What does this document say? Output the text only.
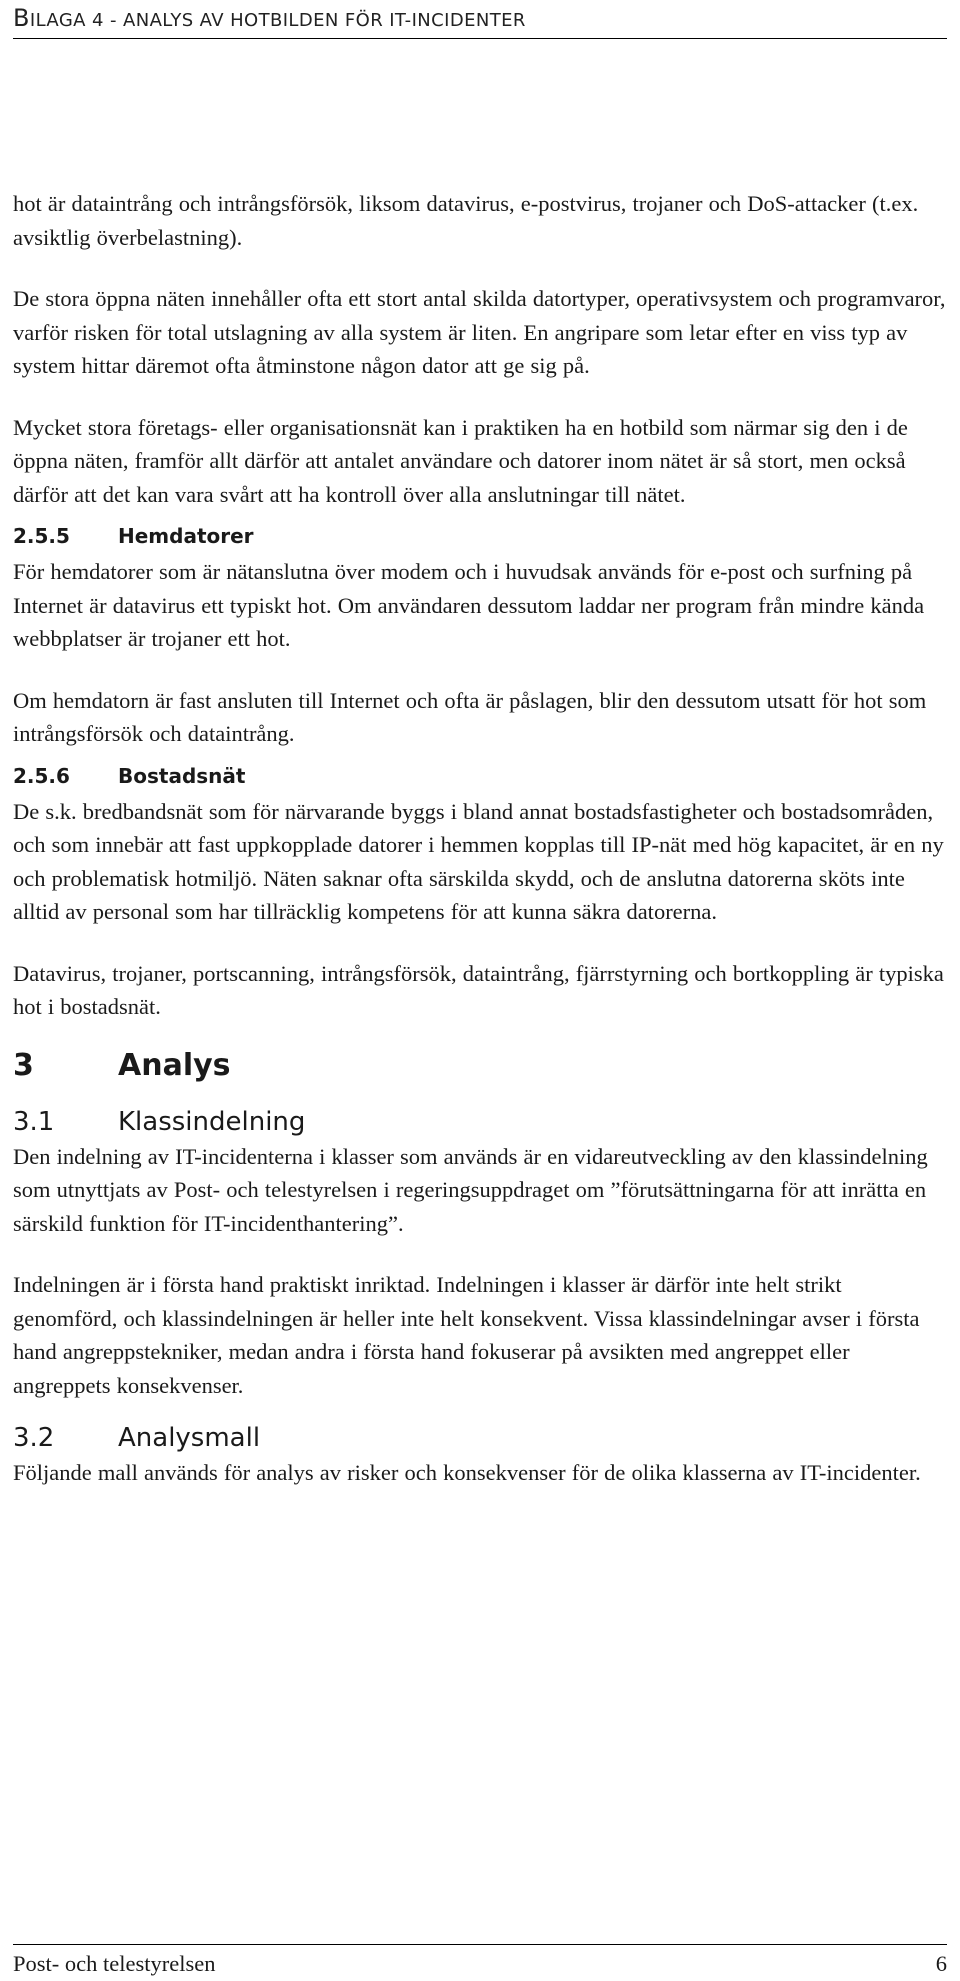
BILAGA 4 - ANALYS AV HOTBILDEN FÖR IT-INCIDENTER

hot är dataintrång och intrångsförsök, liksom datavirus, e-postvirus, trojaner och DoS-attacker (t.ex. avsiktlig överbelastning).

De stora öppna näten innehåller ofta ett stort antal skilda datortyper, operativsystem och programvaror, varför risken för total utslagning av alla system är liten. En angripare som letar efter en viss typ av system hittar däremot ofta åtminstone någon dator att ge sig på.

Mycket stora företags- eller organisationsnät kan i praktiken ha en hotbild som närmar sig den i de öppna näten, framför allt därför att antalet användare och datorer inom nätet är så stort, men också därför att det kan vara svårt att ha kontroll över alla anslutningar till nätet.

2.5.5	Hemdatorer

För hemdatorer som är nätanslutna över modem och i huvudsak används för e-post och surfning på Internet är datavirus ett typiskt hot. Om användaren dessutom laddar ner program från mindre kända webbplatser är trojaner ett hot.

Om hemdatorn är fast ansluten till Internet och ofta är påslagen, blir den dessutom utsatt för hot som intrångsförsök och dataintrång.

2.5.6	Bostadsnät

De s.k. bredbandsnät som för närvarande byggs i bland annat bostadsfastigheter och bostadsområden, och som innebär att fast uppkopplade datorer i hemmen kopplas till IP-nät med hög kapacitet, är en ny och problematisk hotmiljö. Näten saknar ofta särskilda skydd, och de anslutna datorerna sköts inte alltid av personal som har tillräcklig kompetens för att kunna säkra datorerna.

Datavirus, trojaner, portscanning, intrångsförsök, dataintrång, fjärrstyrning och bortkoppling är typiska hot i bostadsnät.

3	Analys
3.1	Klassindelning

Den indelning av IT-incidenterna i klasser som används är en vidareutveckling av den klassindelning som utnyttjats av Post- och telestyrelsen i regeringsuppdraget om ”förutsättningarna för att inrätta en särskild funktion för IT-incidenthantering”.

Indelningen är i första hand praktiskt inriktad. Indelningen i klasser är därför inte helt strikt genomförd, och klassindelningen är heller inte helt konsekvent. Vissa klassindelningar avser i första hand angreppstekniker, medan andra i första hand fokuserar på avsikten med angreppet eller angreppets konsekvenser.

3.2	Analysmall

Följande mall används för analys av risker och konsekvenser för de olika klasserna av IT-incidenter.

Post- och telestyrelsen	6
